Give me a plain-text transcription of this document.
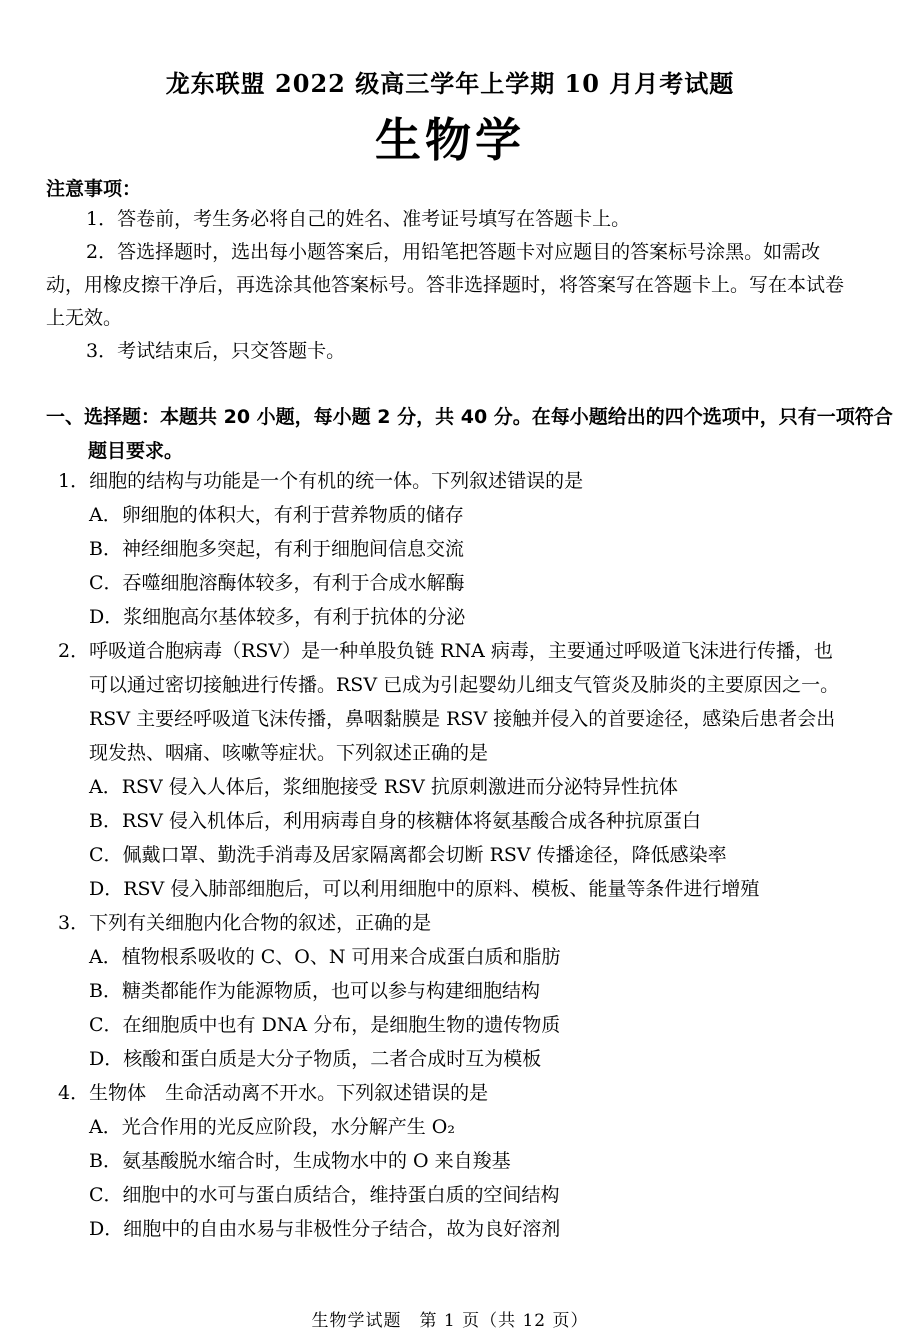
龙东联盟 2022 级高三学年上学期 10 月月考试题
生物学
注意事项：
1．答卷前，考生务必将自己的姓名、准考证号填写在答题卡上。
2．答选择题时，选出每小题答案后，用铅笔把答题卡对应题目的答案标号涂黑。如需改动，用橡皮擦干净后，再选涂其他答案标号。答非选择题时，将答案写在答题卡上。写在本试卷上无效。
3．考试结束后，只交答题卡。
一、选择题：本题共 20 小题，每小题 2 分，共 40 分。在每小题给出的四个选项中，只有一项符合题目要求。
1．细胞的结构与功能是一个有机的统一体。下列叙述错误的是
A．卵细胞的体积大，有利于营养物质的储存
B．神经细胞多突起，有利于细胞间信息交流
C．吞噬细胞溶酶体较多，有利于合成水解酶
D．浆细胞高尔基体较多，有利于抗体的分泌
2．呼吸道合胞病毒（RSV）是一种单股负链 RNA 病毒，主要通过呼吸道飞沫进行传播，也可以通过密切接触进行传播。RSV 已成为引起婴幼儿细支气管炎及肺炎的主要原因之一。RSV 主要经呼吸道飞沫传播，鼻咽黏膜是 RSV 接触并侵入的首要途径，感染后患者会出现发热、咽痛、咳嗽等症状。下列叙述正确的是
A．RSV 侵入人体后，浆细胞接受 RSV 抗原刺激进而分泌特异性抗体
B．RSV 侵入机体后，利用病毒自身的核糖体将氨基酸合成各种抗原蛋白
C．佩戴口罩、勤洗手消毒及居家隔离都会切断 RSV 传播途径，降低感染率
D．RSV 侵入肺部细胞后，可以利用细胞中的原料、模板、能量等条件进行增殖
3．下列有关细胞内化合物的叙述，正确的是
A．植物根系吸收的 C、O、N 可用来合成蛋白质和脂肪
B．糖类都能作为能源物质，也可以参与构建细胞结构
C．在细胞质中也有 DNA 分布，是细胞生物的遗传物质
D．核酸和蛋白质是大分子物质，二者合成时互为模板
4．生物体　生命活动离不开水。下列叙述错误的是
A．光合作用的光反应阶段，水分解产生 O₂
B．氨基酸脱水缩合时，生成物水中的 O 来自羧基
C．细胞中的水可与蛋白质结合，维持蛋白质的空间结构
D．细胞中的自由水易与非极性分子结合，故为良好溶剂
生物学试题　第 1 页（共 12 页）
